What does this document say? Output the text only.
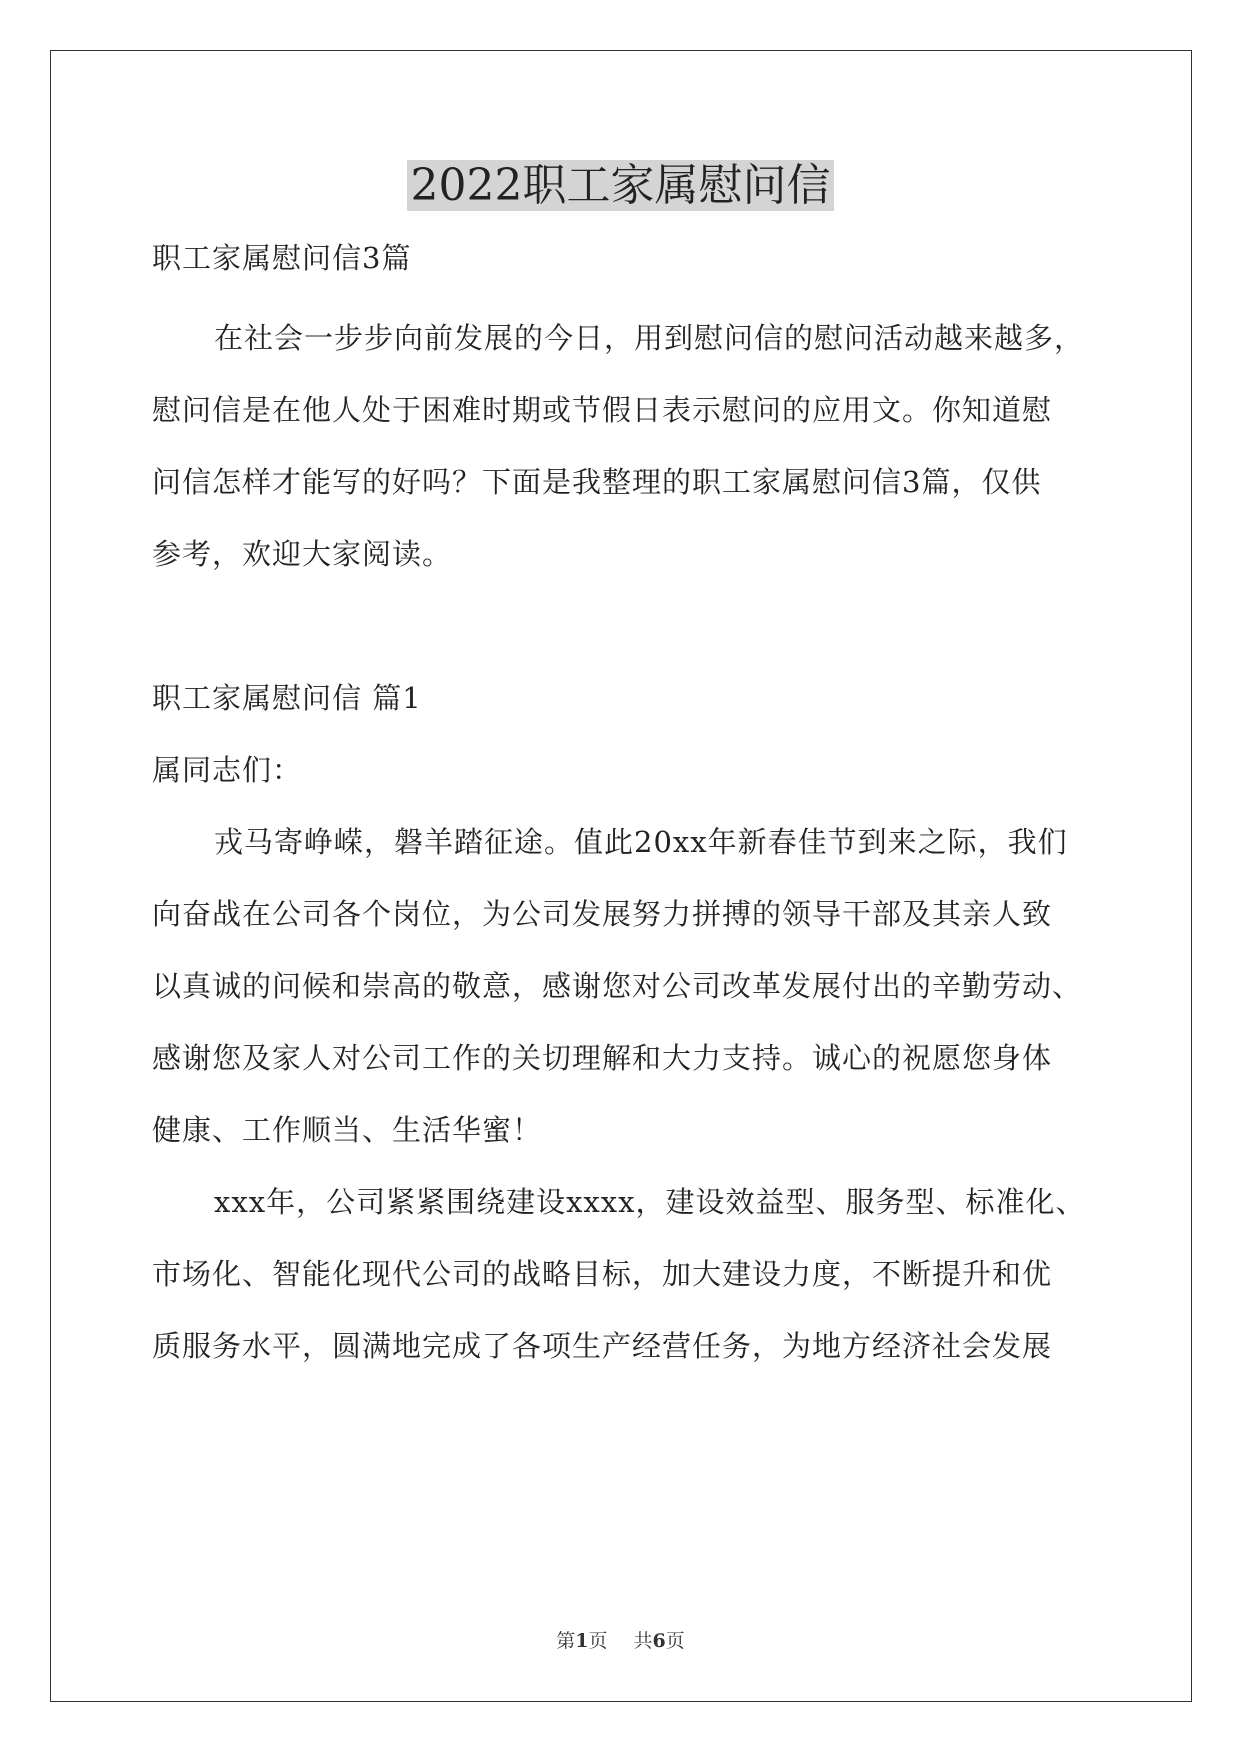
2022职工家属慰问信

职工家属慰问信3篇

在社会一步步向前发展的今日，用到慰问信的慰问活动越来越多，

慰问信是在他人处于困难时期或节假日表示慰问的应用文。你知道慰

问信怎样才能写的好吗？下面是我整理的职工家属慰问信3篇，仅供

参考，欢迎大家阅读。

职工家属慰问信 篇1

属同志们：

戎马寄峥嵘，磐羊踏征途。值此20xx年新春佳节到来之际，我们

向奋战在公司各个岗位，为公司发展努力拼搏的领导干部及其亲人致

以真诚的问候和崇高的敬意，感谢您对公司改革发展付出的辛勤劳动、

感谢您及家人对公司工作的关切理解和大力支持。诚心的祝愿您身体

健康、工作顺当、生活华蜜！

xxx年，公司紧紧围绕建设xxxx，建设效益型、服务型、标准化、

市场化、智能化现代公司的战略目标，加大建设力度，不断提升和优

质服务水平，圆满地完成了各项生产经营任务，为地方经济社会发展

第1页 共6页
